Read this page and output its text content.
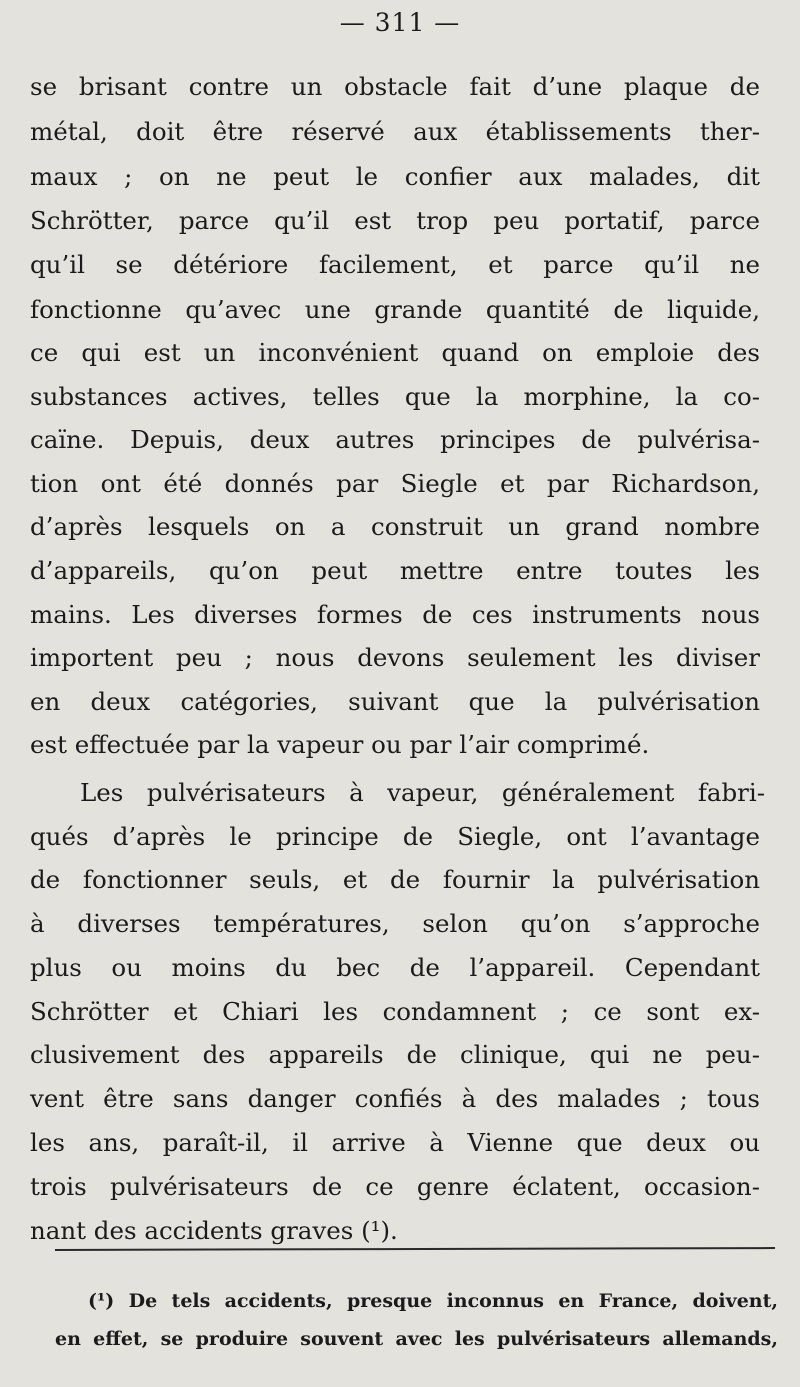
— 311 —
se brisant contre un obstacle fait d’une plaque de
métal, doit être réservé aux établissements ther-
maux ; on ne peut le confier aux malades, dit
Schrötter, parce qu’il est trop peu portatif, parce
qu’il se détériore facilement, et parce qu’il ne
fonctionne qu’avec une grande quantité de liquide,
ce qui est un inconvénient quand on emploie des
substances actives, telles que la morphine, la co-
caïne. Depuis, deux autres principes de pulvérisa-
tion ont été donnés par Siegle et par Richardson,
d’après lesquels on a construit un grand nombre
d’appareils, qu’on peut mettre entre toutes les
mains. Les diverses formes de ces instruments nous
importent peu ; nous devons seulement les diviser
en deux catégories, suivant que la pulvérisation
est effectuée par la vapeur ou par l’air comprimé.
Les pulvérisateurs à vapeur, généralement fabri-
qués d’après le principe de Siegle, ont l’avantage
de fonctionner seuls, et de fournir la pulvérisation
à diverses températures, selon qu’on s’approche
plus ou moins du bec de l’appareil. Cependant
Schrötter et Chiari les condamnent ; ce sont ex-
clusivement des appareils de clinique, qui ne peu-
vent être sans danger confiés à des malades ; tous
les ans, paraît-il, il arrive à Vienne que deux ou
trois pulvérisateurs de ce genre éclatent, occasion-
nant des accidents graves (¹).
(¹) De tels accidents, presque inconnus en France, doivent,
en effet, se produire souvent avec les pulvérisateurs allemands,
